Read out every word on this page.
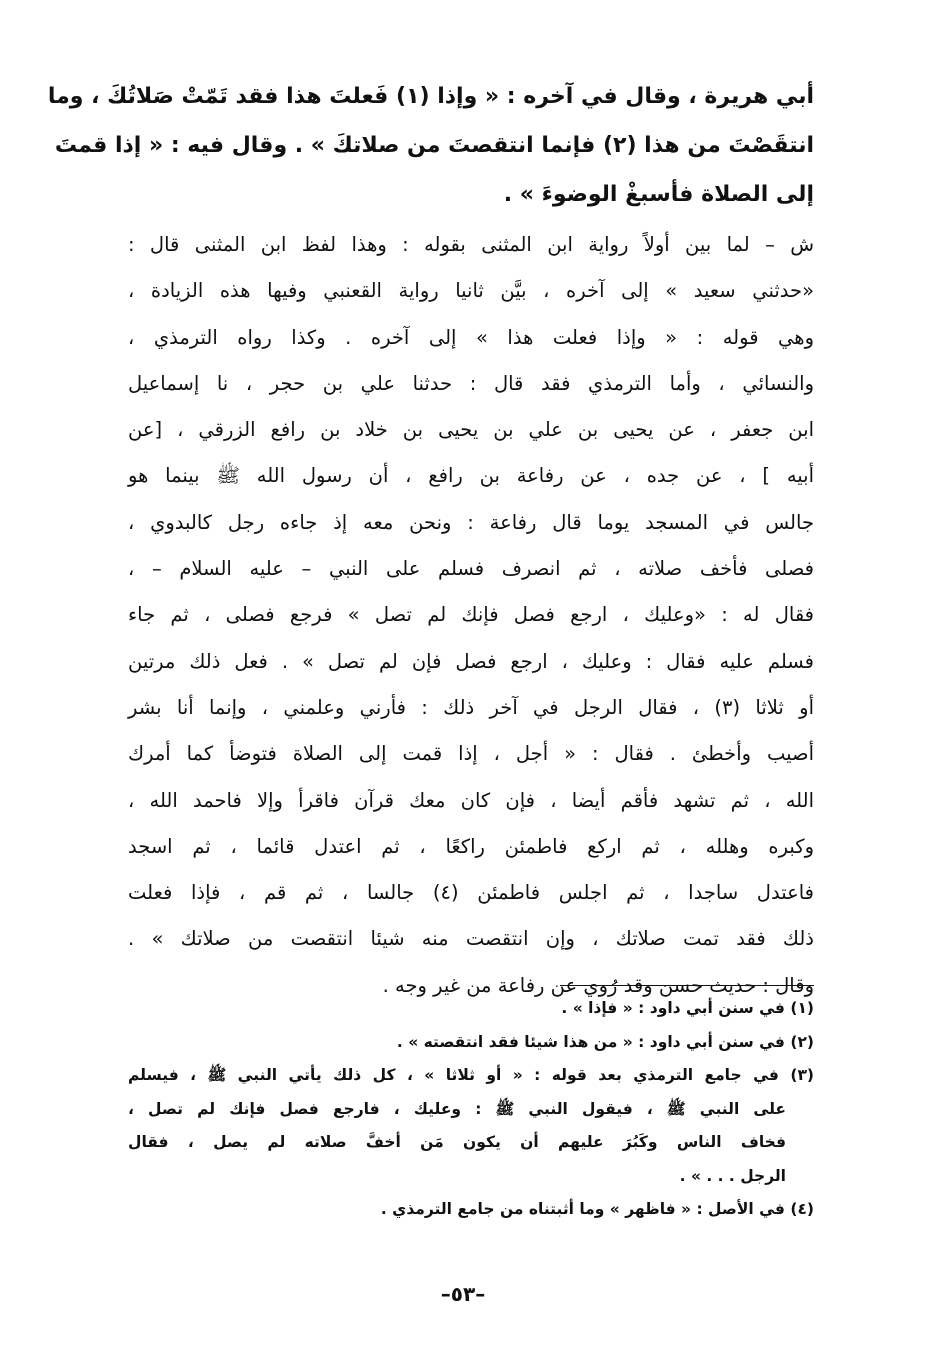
أبي هريرة ، وقال في آخره : « وإذا (١) فَعلتَ هذا فقد تَمّتْ صَلاتُكَ ، وما
انتقَصْتَ من هذا (٢) فإنما انتقصتَ من صلاتكَ » . وقال فيه : « إذا قمتَ
إلى الصلاة فأسبغْ الوضوءَ » .
ش – لما بين أولاً رواية ابن المثنى بقوله : وهذا لفظ ابن المثنى قال :
«حدثني سعيد » إلى آخره ، بيَّن ثانيا رواية القعنبي وفيها هذه الزيادة ،
وهي قوله : « وإذا فعلت هذا » إلى آخره . وكذا رواه الترمذي ،
والنسائي ، وأما الترمذي فقد قال : حدثنا علي بن حجر ، نا إسماعيل
ابن جعفر ، عن يحيى بن علي بن يحيى بن خلاد بن رافع الزرقي ، [عن
أبيه ] ، عن جده ، عن رفاعة بن رافع ، أن رسول الله ﷺ بينما هو
جالس في المسجد يوما قال رفاعة : ونحن معه إذ جاءه رجل كالبدوي ،
فصلى فأخف صلاته ، ثم انصرف فسلم على النبي – عليه السلام – ،
فقال له : «وعليك ، ارجع فصل فإنك لم تصل » فرجع فصلى ، ثم جاء
فسلم عليه فقال : وعليك ، ارجع فصل فإن لم تصل » . فعل ذلك مرتين
أو ثلاثا (٣) ، فقال الرجل في آخر ذلك : فأرني وعلمني ، وإنما أنا بشر
أصيب وأخطئ . فقال : « أجل ، إذا قمت إلى الصلاة فتوضأ كما أمرك
الله ، ثم تشهد فأقم أيضا ، فإن كان معك قرآن فاقرأ وإلا فاحمد الله ،
وكبره وهلله ، ثم اركع فاطمئن راكعًا ، ثم اعتدل قائما ، ثم اسجد
فاعتدل ساجدا ، ثم اجلس فاطمئن (٤) جالسا ، ثم قم ، فإذا فعلت
ذلك فقد تمت صلاتك ، وإن انتقصت منه شيئا انتقصت من صلاتك » .
وقال : حديث حسن وقد رُوي عن رفاعة من غير وجه .
(١) في سنن أبي داود : « فإذا » .
(٢) في سنن أبي داود : « من هذا شيئا فقد انتقصته » .
(٣) في جامع الترمذي بعد قوله : « أو ثلاثا » ، كل ذلك يأتي النبي ﷺ ، فيسلم
على النبي ﷺ ، فيقول النبي ﷺ : وعليك ، فارجع فصل فإنك لم تصل ،
فخاف الناس وكَبُرَ عليهم أن يكون مَن أخفَّ صلاته لم يصل ، فقال
الرجل . . . » .
(٤) في الأصل : « فاظهر » وما أثبتناه من جامع الترمذي .
–٥٣–
